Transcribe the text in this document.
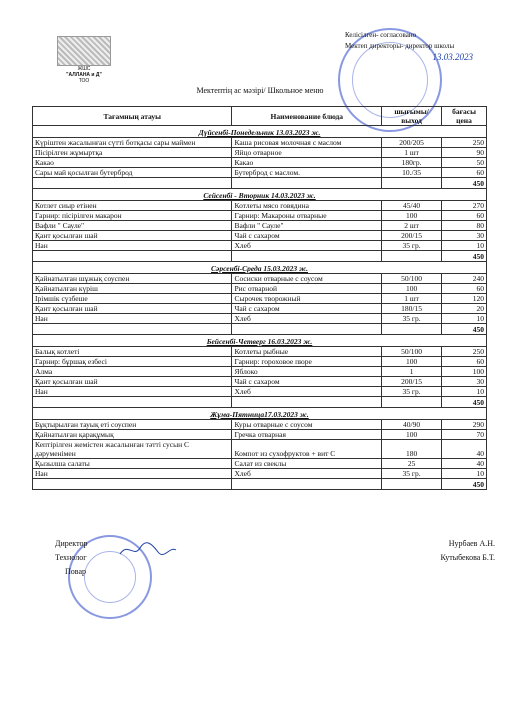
ЖШС
"АЛЛАНА и Д"
ТОО
Келісілген- согласовано
Мектеп директоры- директор школы
13.03.2023
Мектептің ас мәзірі/ Школьное меню
Тағамның атауы	Наименование блюда	шығымы/ выход	бағасы цена
Дүйсенбі-Понедельник 13.03.2023 ж.			
Күріштен жасалынған сүтті ботқасы сары маймен	Каша рисовая молочная с маслом	200/205	250
Пісірілген жұмыртқа	Яйцо отварное	1 шт	90
Какао	Какао	180гр.	50
Сары май қосылған бутерброд	Бутерброд с маслом.	10./35	60
			450
Сейсенбі - Вторник 14.03.2023 ж.			
Котлет сиыр етінен	Котлеты мясо говядина	45/40	270
Гарнир: пісірілген макарон	Гарнир: Макароны отварные	100	60
Вафли " Сауле"	Вафли " Сауле"	2 шт	80
Қант қосылған шай	Чай с сахаром	200/15	30
Нан	Хлеб	35 гр.	10
			450
Сәрсенбі-Среда 15.03.2023 ж.			
Қайнатылған шұжық соуспен	Сосиски отварные с соусом	50/100	240
Қайнатылған күріш	Рис отварной	100	60
Ірімшік сүзбеше	Сырочек творожный	1 шт	120
Қант қосылған шай	Чай с сахаром	180/15	20
Нан	Хлеб	35 гр.	10
			450
Бейсенбі-Четверг 16.03.2023 ж.			
Балық котлеті	Котлеты рыбные	50/100	250
Гарнир: бұршақ езбесі	Гарнир: гороховое пюре	100	60
Алма	Яблоко	1	100
Қант қосылған шай	Чай с сахаром	200/15	30
Нан	Хлеб	35 гр.	10
			450
Жұма-Пятница17.03.2023 ж.			
Бұқтырылған тауық еті соуспен	Куры отварные с соусом	40/90	290
Қайнатылған қарақұмық	Гречка отварная	100	70
Кептірілген жемістен жасалынған тәтті сусын С дәруменімен	Компот из сухофруктов + вит С	180	40
Қызылша салаты	Салат из свеклы	25	40
Нан	Хлеб	35 гр.	10
			450
Директор	Нурбаев А.Н.
Технолог	Кутыбекова Б.Т.
Повар
